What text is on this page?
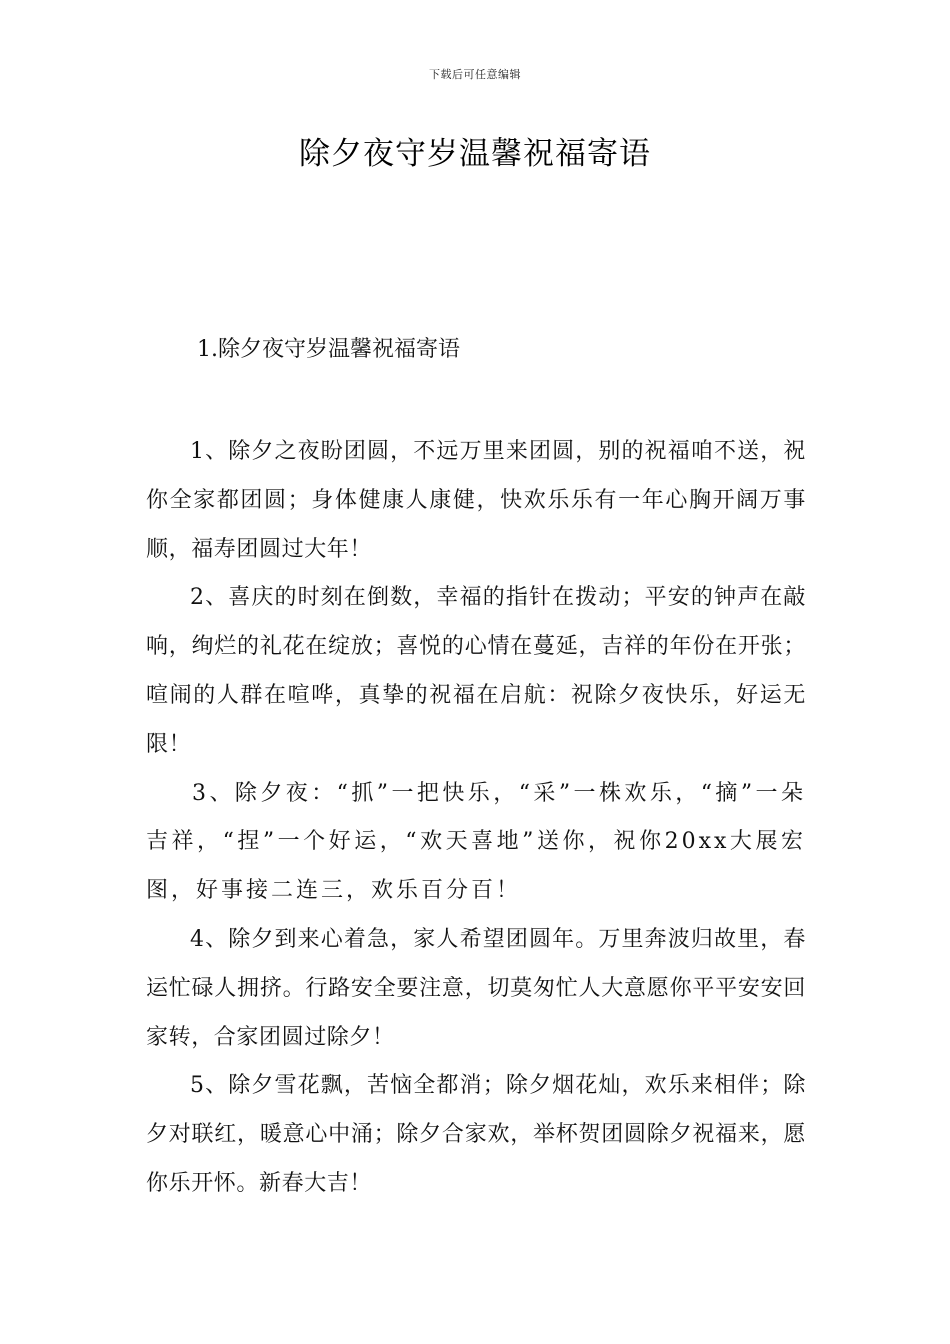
下载后可任意编辑
除夕夜守岁温馨祝福寄语
1.除夕夜守岁温馨祝福寄语

1、除夕之夜盼团圆，不远万里来团圆，别的祝福咱不送，祝你全家都团圆；身体健康人康健，快欢乐乐有一年心胸开阔万事顺，福寿团圆过大年！

2、喜庆的时刻在倒数，幸福的指针在拨动；平安的钟声在敲响，绚烂的礼花在绽放；喜悦的心情在蔓延，吉祥的年份在开张；喧闹的人群在喧哗，真挚的祝福在启航：祝除夕夜快乐，好运无限！

3、除夕夜：“抓”一把快乐，“采”一株欢乐，“摘”一朵吉祥，“捏”一个好运，“欢天喜地”送你，祝你20xx大展宏图，好事接二连三，欢乐百分百！

4、除夕到来心着急，家人希望团圆年。万里奔波归故里，春运忙碌人拥挤。行路安全要注意，切莫匆忙人大意愿你平平安安回家转，合家团圆过除夕！

5、除夕雪花飘，苦恼全都消；除夕烟花灿，欢乐来相伴；除夕对联红，暖意心中涌；除夕合家欢，举杯贺团圆除夕祝福来，愿你乐开怀。新春大吉！
